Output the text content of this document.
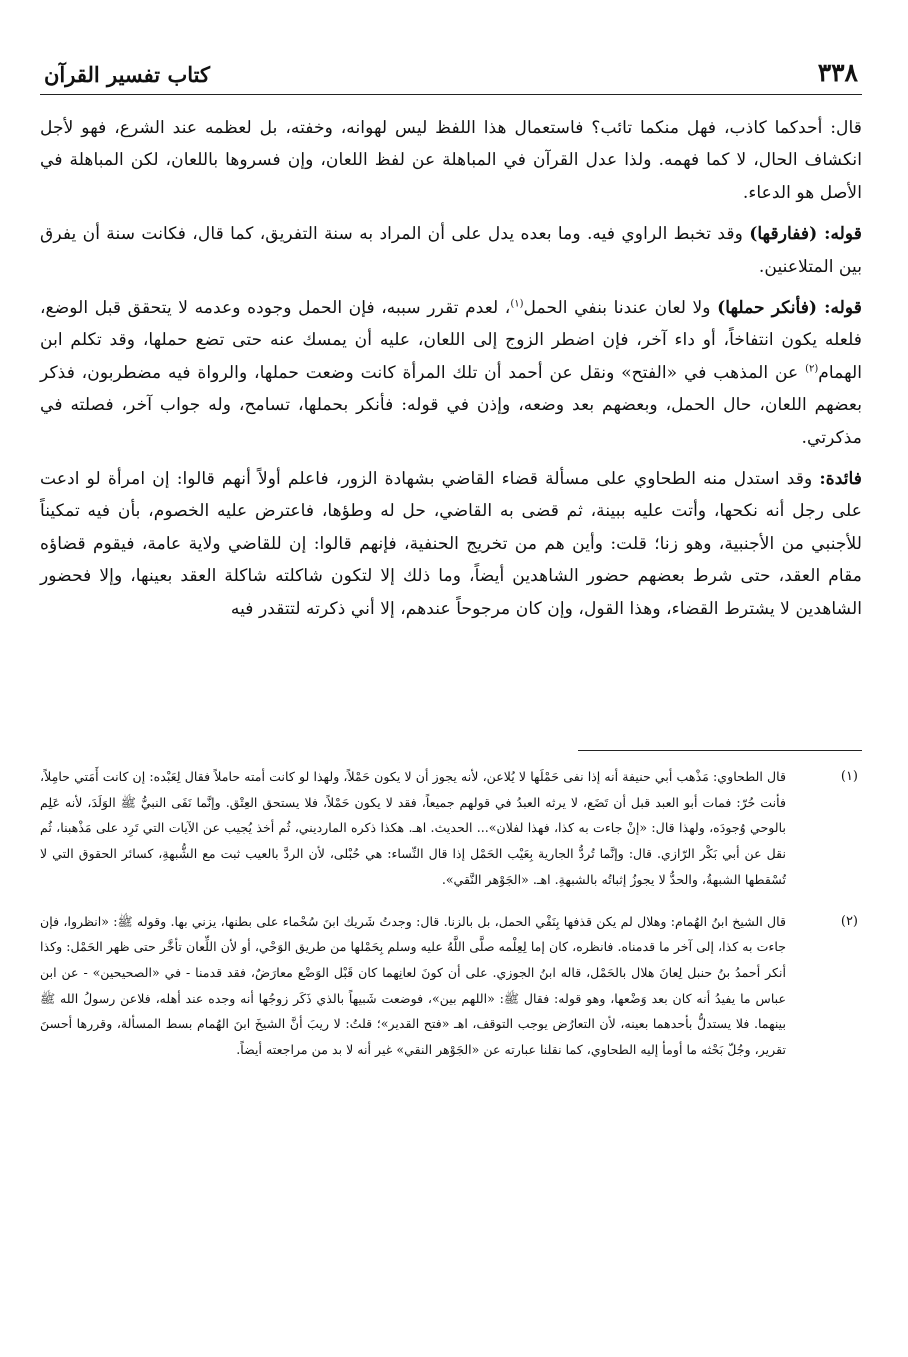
٣٣٨
كتاب تفسير القرآن

قال: أحدكما كاذب، فهل منكما تائب؟ فاستعمال هذا اللفظ ليس لهوانه، وخفته، بل لعظمه عند الشرع، فهو لأجل انكشاف الحال، لا كما فهمه. ولذا عدل القرآن في المباهلة عن لفظ اللعان، وإن فسروها باللعان، لكن المباهلة في الأصل هو الدعاء.

قوله: (ففارقها) وقد تخبط الراوي فيه. وما بعده يدل على أن المراد به سنة التفريق، كما قال، فكانت سنة أن يفرق بين المتلاعنين.

قوله: (فأنكر حملها) ولا لعان عندنا بنفي الحمل$^{(١)}$، لعدم تقرر سببه، فإن الحمل وجوده وعدمه لا يتحقق قبل الوضع، فلعله يكون انتفاخاً، أو داء آخر، فإن اضطر الزوج إلى اللعان، عليه أن يمسك عنه حتى تضع حملها، وقد تكلم ابن الهمام$^{(٢)}$ عن المذهب في «الفتح» ونقل عن أحمد أن تلك المرأة كانت وضعت حملها، والرواة فيه مضطربون، فذكر بعضهم اللعان، حال الحمل، وبعضهم بعد وضعه، وإذن في قوله: فأنكر بحملها، تسامح، وله جواب آخر، فصلته في مذكرتي.

فائدة: وقد استدل منه الطحاوي على مسألة قضاء القاضي بشهادة الزور، فاعلم أولاً أنهم قالوا: إن امرأة لو ادعت على رجل أنه نكحها، وأتت عليه ببينة، ثم قضى به القاضي، حل له وطؤها، فاعترض عليه الخصوم، بأن فيه تمكيناً للأجنبي من الأجنبية، وهو زنا؛ قلت: وأين هم من تخريج الحنفية، فإنهم قالوا: إن للقاضي ولاية عامة، فيقوم قضاؤه مقام العقد، حتى شرط بعضهم حضور الشاهدين أيضاً، وما ذلك إلا لتكون شاكلته شاكلة العقد بعينها، وإلا فحضور الشاهدين لا يشترط القضاء، وهذا القول، وإن كان مرجوحاً عندهم، إلا أني ذكرته لتتقدر فيه

(١)
قال الطحاوي: مَذْهب أبي حنيفة أنه إذا نفى حَمْلَها لا يُلاعن، لأنه يجوز أن لا يكون حَمْلاً، ولهذا لو كانت أمته حاملاً فقال لِعَبْده: إن كانت أَمَتي حامِلاً، فأنت حُرّ: فمات أبو العبد قبل أن تَضَع، لا يرثه العبدُ في قولهم جميعاً، فقد لا يكون حَمْلاً، فلا يستحق العِتْق. وإنَّما نَفَى النبيُّ ﷺ الوَلَدَ، لأنه عَلِم بالوحي وُجودَه، ولهذا قال: «إنْ جاءت به كذا، فهذا لفلان»... الحديث. اهـ. هكذا ذكره المارديني، ثُم أخذ يُجيب عن الآيات التي تَرِد على مَذْهبنا، ثُم نقل عن أبي بَكْر الرّازي. قال: وإنَّما تُردُّ الجارية بِعَيْب الحَمْل إذا قال النِّساء: هي حُبْلى، لأن الردَّ بالعيب ثبت مع الشُّبهةِ، كسائر الحقوق التي لا تُسْقطها الشبهةُ، والحدُّ لا يجوزُ إثباتُه بالشبهةِ. اهـ. «الجَوْهر النَّقي».
(٢)
قال الشيخ ابنُ الهُمام: وهلال لم يكن قذفها بِنَفْي الحمل، بل بالزنا. قال: وجدتُ شَريك ابنَ سُحْماء على بطنها، يزني بها. وقوله ﷺ: «انظروا، فإن جاءت به كذا، إلى آخر ما قدمناه. فانظره، كان إما لِعِلْمه صلَّى اللَّهُ عليه وسلم بِحَمْلها من طريق الوَحْي، أو لأن اللِّعان تأخَّر حتى ظهر الحَمْل: وكذا أنكر أحمدُ بنُ حنبل لِعانَ هلال بالحَمْل، قاله ابنُ الجوزي. على أن كونَ لعانِهما كان قَبْل الوَضْع معارَضٌ، فقد قدمنا - في «الصحيحين» - عن ابن عباس ما يفيدُ أنه كان بعد وَضْعها، وهو قوله: فقال ﷺ: «اللهم بين»، فوضعت شَبيهاً بالذي ذَكَر زوجُها أنه وجده عند أهله، فلاعن رسولُ الله ﷺ بينهما. فلا يستدلُّ بأحدهما بعينه، لأن التعارُض يوجب التوقف، اهـ «فتح القدير»؛ قلتُ: لا ريبَ أنَّ الشيخَ ابنَ الهُمام بسط المسألة، وقررها أحسنَ تقرير، وجُلّ بَحْثه ما أومأ إليه الطحاوي، كما نقلنا عبارته عن «الجَوْهر النقي» غير أنه لا بد من مراجعته أيضاً.
